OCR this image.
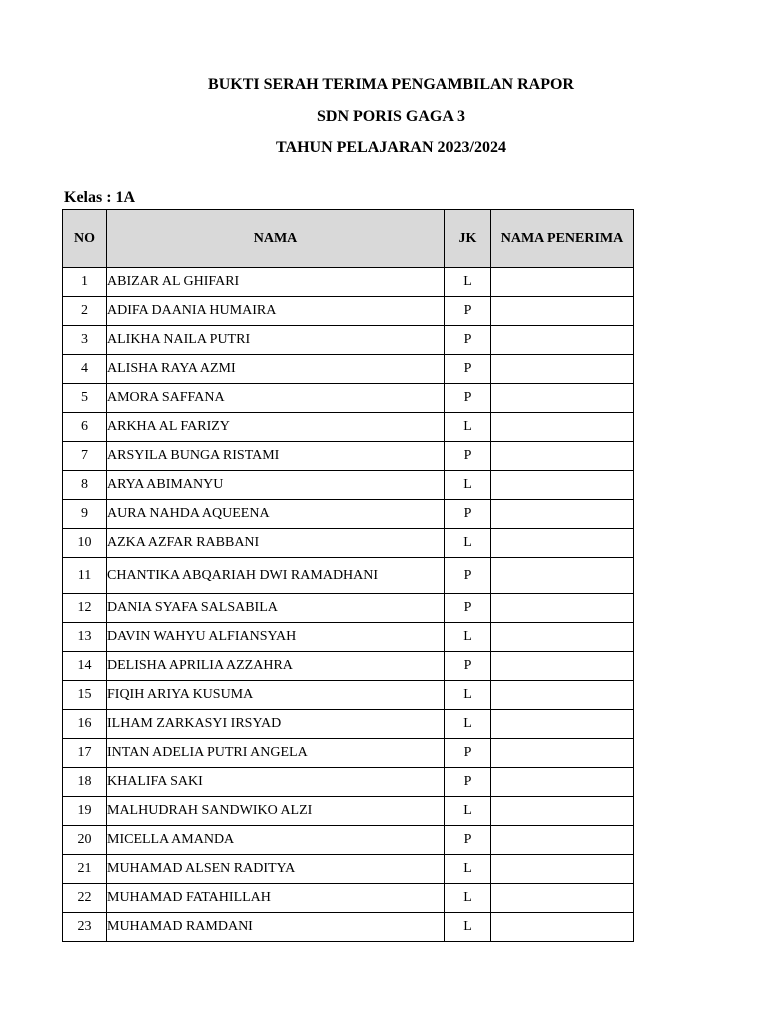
BUKTI SERAH TERIMA PENGAMBILAN RAPOR
SDN PORIS GAGA 3
TAHUN PELAJARAN 2023/2024
Kelas : 1A
NO	NAMA	JK	NAMA PENERIMA
1	ABIZAR AL GHIFARI	L	
2	ADIFA DAANIA HUMAIRA	P	
3	ALIKHA NAILA PUTRI	P	
4	ALISHA RAYA AZMI	P	
5	AMORA SAFFANA	P	
6	ARKHA AL FARIZY	L	
7	ARSYILA BUNGA RISTAMI	P	
8	ARYA ABIMANYU	L	
9	AURA NAHDA AQUEENA	P	
10	AZKA AZFAR RABBANI	L	
11	CHANTIKA ABQARIAH DWI RAMADHANI	P	
12	DANIA SYAFA SALSABILA	P	
13	DAVIN WAHYU ALFIANSYAH	L	
14	DELISHA APRILIA AZZAHRA	P	
15	FIQIH ARIYA KUSUMA	L	
16	ILHAM ZARKASYI IRSYAD	L	
17	INTAN ADELIA PUTRI ANGELA	P	
18	KHALIFA SAKI	P	
19	MALHUDRAH SANDWIKO ALZI	L	
20	MICELLA AMANDA	P	
21	MUHAMAD ALSEN RADITYA	L	
22	MUHAMAD FATAHILLAH	L	
23	MUHAMAD RAMDANI	L	
